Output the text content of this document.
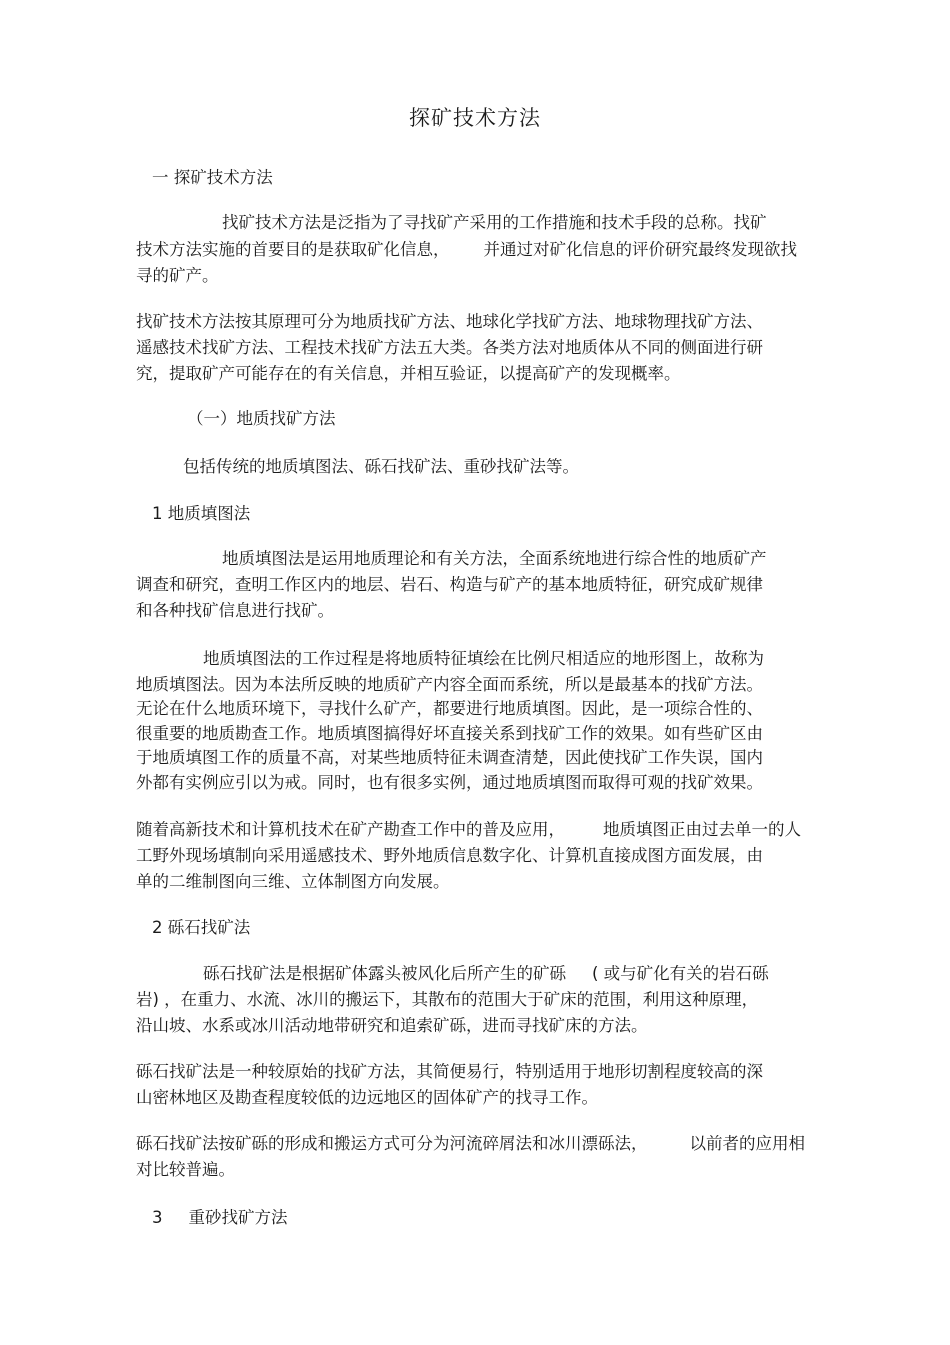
探矿技术方法
一 探矿技术方法
找矿技术方法是泛指为了寻找矿产采用的工作措施和技术手段的总称。找矿
技术方法实施的首要目的是获取矿化信息， 并通过对矿化信息的评价研究最终发现欲找
寻的矿产。
找矿技术方法按其原理可分为地质找矿方法、地球化学找矿方法、地球物理找矿方法、
遥感技术找矿方法、工程技术找矿方法五大类。各类方法对地质体从不同的侧面进行研
究，提取矿产可能存在的有关信息，并相互验证，以提高矿产的发现概率。
（一）地质找矿方法
包括传统的地质填图法、砾石找矿法、重砂找矿法等。
1 地质填图法
地质填图法是运用地质理论和有关方法，全面系统地进行综合性的地质矿产
调查和研究，查明工作区内的地层、岩石、构造与矿产的基本地质特征，研究成矿规律
和各种找矿信息进行找矿。
地质填图法的工作过程是将地质特征填绘在比例尺相适应的地形图上，故称为
地质填图法。因为本法所反映的地质矿产内容全面而系统，所以是最基本的找矿方法。
无论在什么地质环境下，寻找什么矿产，都要进行地质填图。因此，是一项综合性的、
很重要的地质勘查工作。地质填图搞得好坏直接关系到找矿工作的效果。如有些矿区由
于地质填图工作的质量不高，对某些地质特征未调查清楚，因此使找矿工作失误，国内
外都有实例应引以为戒。同时，也有很多实例，通过地质填图而取得可观的找矿效果。
随着高新技术和计算机技术在矿产勘查工作中的普及应用， 地质填图正由过去单一的人
工野外现场填制向采用遥感技术、野外地质信息数字化、计算机直接成图方面发展，由
单的二维制图向三维、立体制图方向发展。
2 砾石找矿法
砾石找矿法是根据矿体露头被风化后所产生的矿砾 ( 或与矿化有关的岩石砾
岩) ，在重力、水流、冰川的搬运下，其散布的范围大于矿床的范围，利用这种原理，
沿山坡、水系或冰川活动地带研究和追索矿砾，进而寻找矿床的方法。
砾石找矿法是一种较原始的找矿方法，其简便易行，特别适用于地形切割程度较高的深
山密林地区及勘查程度较低的边远地区的固体矿产的找寻工作。
砾石找矿法按矿砾的形成和搬运方式可分为河流碎屑法和冰川漂砾法，	以前者的应用相
对比较普遍。
3 重砂找矿方法
